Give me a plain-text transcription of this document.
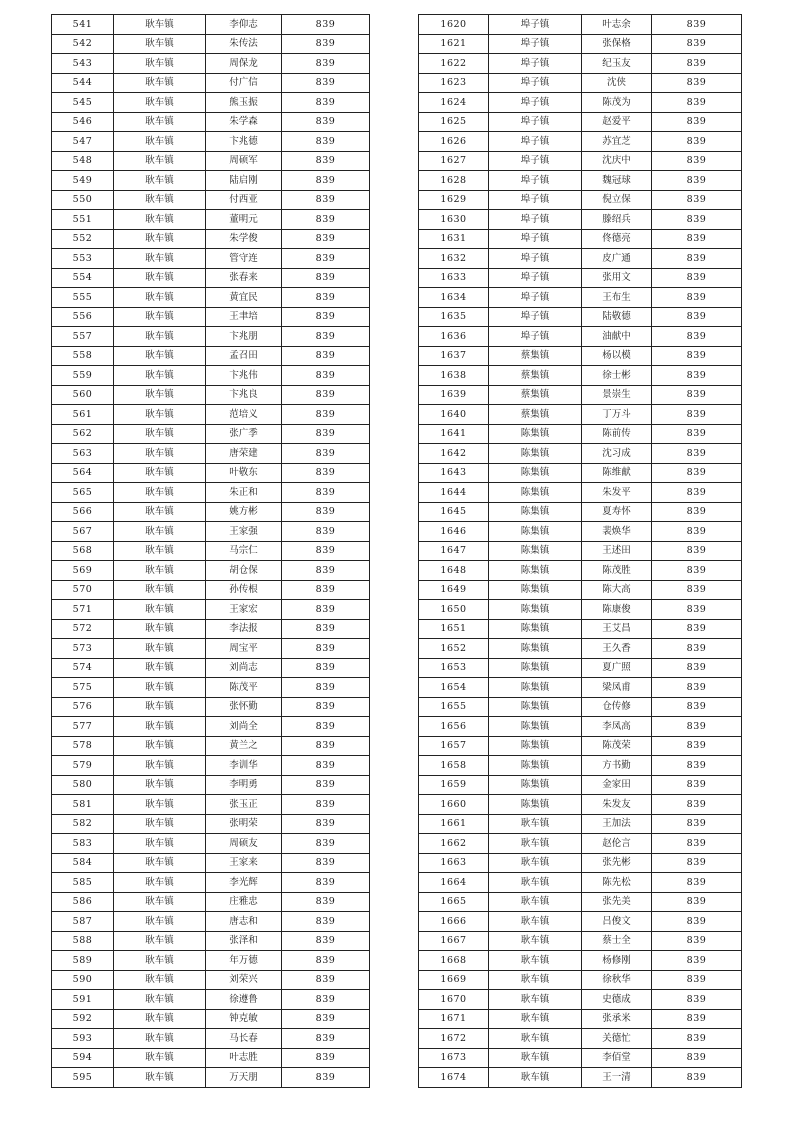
541	耿车镇	李仰志	839
542	耿车镇	朱传法	839
543	耿车镇	周保龙	839
544	耿车镇	付广信	839
545	耿车镇	熊玉振	839
546	耿车镇	朱学森	839
547	耿车镇	卞兆德	839
548	耿车镇	周硕军	839
549	耿车镇	陆启刚	839
550	耿车镇	付西亚	839
551	耿车镇	董明元	839
552	耿车镇	朱学俊	839
553	耿车镇	管守连	839
554	耿车镇	张春来	839
555	耿车镇	黄宜民	839
556	耿车镇	王聿培	839
557	耿车镇	卞兆朋	839
558	耿车镇	孟召田	839
559	耿车镇	卞兆伟	839
560	耿车镇	卞兆良	839
561	耿车镇	范培义	839
562	耿车镇	张广季	839
563	耿车镇	唐荣建	839
564	耿车镇	叶敬东	839
565	耿车镇	朱正和	839
566	耿车镇	姚方彬	839
567	耿车镇	王家强	839
568	耿车镇	马宗仁	839
569	耿车镇	胡仓保	839
570	耿车镇	孙传根	839
571	耿车镇	王家宏	839
572	耿车镇	李法报	839
573	耿车镇	周宝平	839
574	耿车镇	刘尚志	839
575	耿车镇	陈茂平	839
576	耿车镇	张怀勤	839
577	耿车镇	刘尚全	839
578	耿车镇	黄兰之	839
579	耿车镇	李训华	839
580	耿车镇	李明勇	839
581	耿车镇	张玉正	839
582	耿车镇	张明荣	839
583	耿车镇	周硕友	839
584	耿车镇	王家来	839
585	耿车镇	李光辉	839
586	耿车镇	庄雅忠	839
587	耿车镇	唐志和	839
588	耿车镇	张泽和	839
589	耿车镇	年万德	839
590	耿车镇	刘荣兴	839
591	耿车镇	徐遵鲁	839
592	耿车镇	钟克敏	839
593	耿车镇	马长春	839
594	耿车镇	叶志胜	839
595	耿车镇	万天朋	839
1620	埠子镇	叶志余	839
1621	埠子镇	张保格	839
1622	埠子镇	纪玉友	839
1623	埠子镇	沈侠	839
1624	埠子镇	陈茂为	839
1625	埠子镇	赵爱平	839
1626	埠子镇	苏宜芝	839
1627	埠子镇	沈庆中	839
1628	埠子镇	魏冠球	839
1629	埠子镇	倪立保	839
1630	埠子镇	滕绍兵	839
1631	埠子镇	佟德亮	839
1632	埠子镇	皮广通	839
1633	埠子镇	张用文	839
1634	埠子镇	王布生	839
1635	埠子镇	陆敬德	839
1636	埠子镇	油献中	839
1637	蔡集镇	杨以模	839
1638	蔡集镇	徐士彬	839
1639	蔡集镇	景崇生	839
1640	蔡集镇	丁万斗	839
1641	陈集镇	陈前传	839
1642	陈集镇	沈习成	839
1643	陈集镇	陈维献	839
1644	陈集镇	朱发平	839
1645	陈集镇	夏寿怀	839
1646	陈集镇	裴焕华	839
1647	陈集镇	王述田	839
1648	陈集镇	陈茂胜	839
1649	陈集镇	陈大高	839
1650	陈集镇	陈康俊	839
1651	陈集镇	王艾昌	839
1652	陈集镇	王久香	839
1653	陈集镇	夏广照	839
1654	陈集镇	梁凤甫	839
1655	陈集镇	仓传修	839
1656	陈集镇	李凤高	839
1657	陈集镇	陈茂荣	839
1658	陈集镇	方书勤	839
1659	陈集镇	金家田	839
1660	陈集镇	朱发友	839
1661	耿车镇	王加法	839
1662	耿车镇	赵伦言	839
1663	耿车镇	张先彬	839
1664	耿车镇	陈先松	839
1665	耿车镇	张先美	839
1666	耿车镇	吕俊文	839
1667	耿车镇	蔡士全	839
1668	耿车镇	杨修刚	839
1669	耿车镇	徐秋华	839
1670	耿车镇	史德成	839
1671	耿车镇	张承米	839
1672	耿车镇	关德忙	839
1673	耿车镇	李佰堂	839
1674	耿车镇	王一清	839
